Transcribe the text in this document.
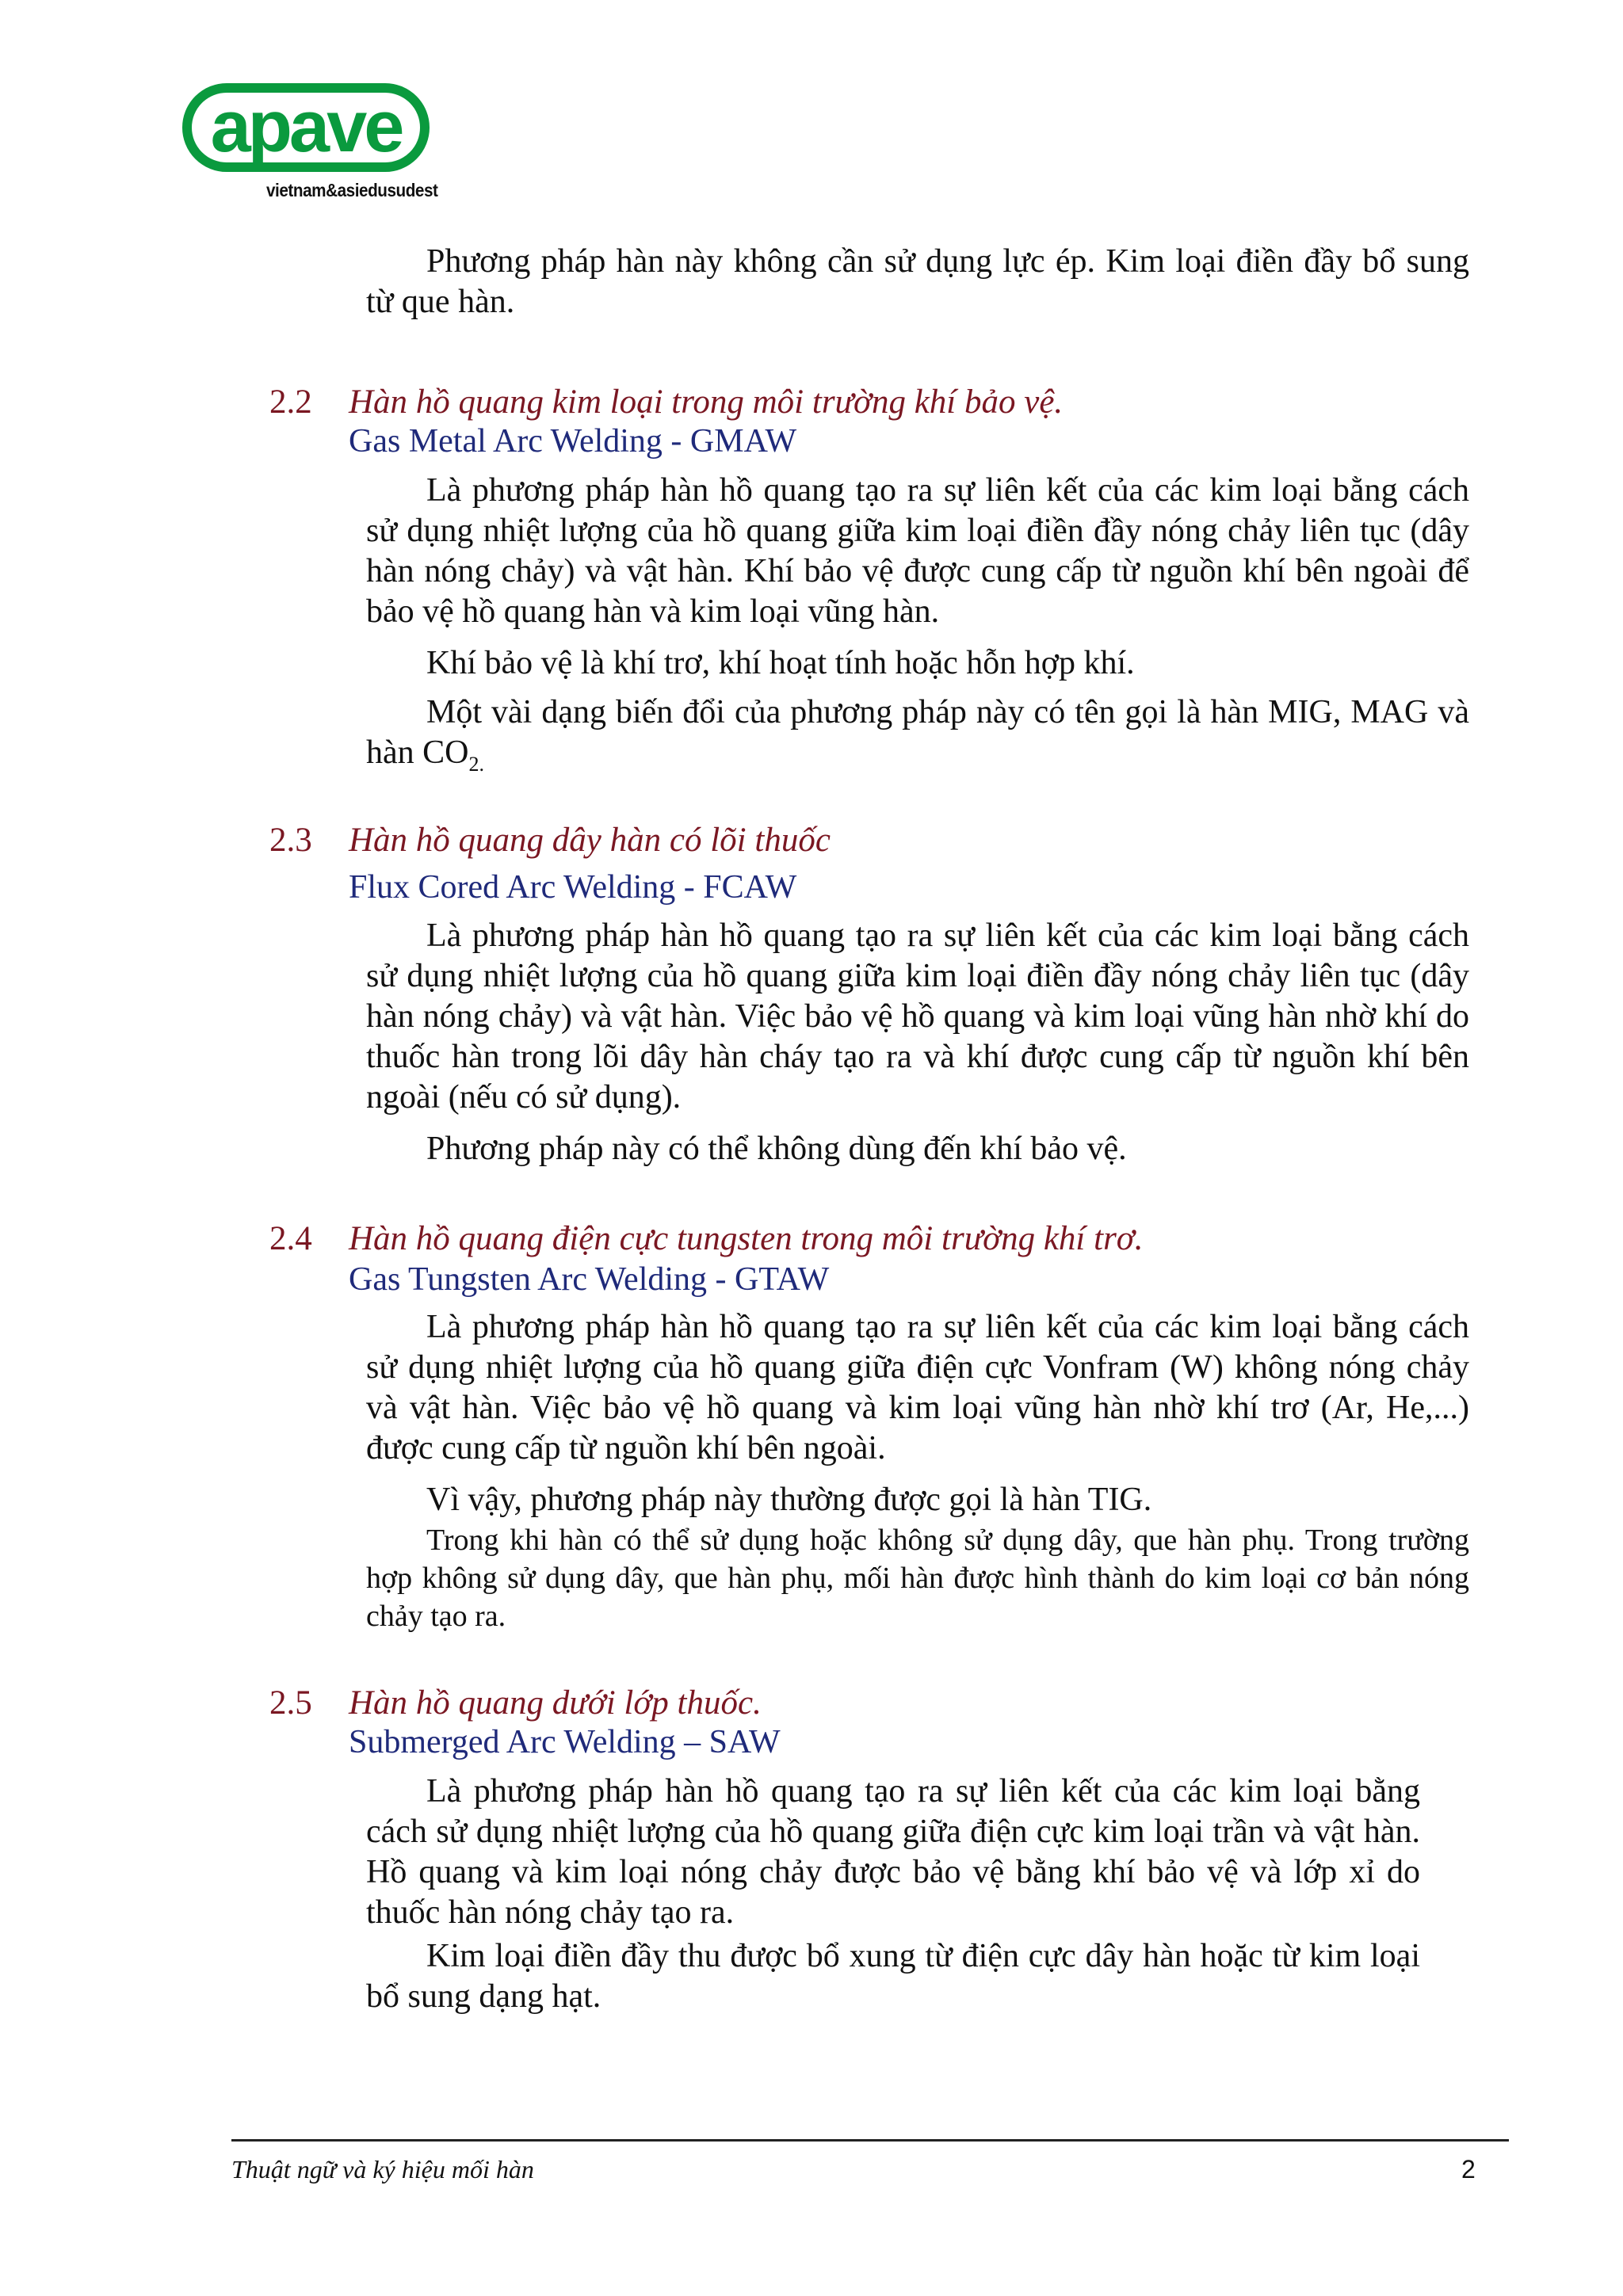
apave
vietnam&asiedusudest
Phương pháp hàn này không cần sử dụng lực ép. Kim loại điền đầy bổ sung từ que hàn.
2.2 Hàn hồ quang kim loại trong môi trường khí bảo vệ.
Gas Metal Arc Welding - GMAW
Là phương pháp hàn hồ quang tạo ra sự liên kết của các kim loại bằng cách sử dụng nhiệt lượng của hồ quang giữa kim loại điền đầy nóng chảy liên tục (dây hàn nóng chảy) và vật hàn. Khí bảo vệ được cung cấp từ nguồn khí bên ngoài để bảo vệ hồ quang hàn và kim loại vũng hàn.
Khí bảo vệ là khí trơ, khí hoạt tính hoặc hỗn hợp khí.
Một vài dạng biến đổi của phương pháp này có tên gọi là hàn MIG, MAG và hàn $CO_{2.}$
2.3 Hàn hồ quang dây hàn có lõi thuốc
Flux Cored Arc Welding - FCAW
Là phương pháp hàn hồ quang tạo ra sự liên kết của các kim loại bằng cách sử dụng nhiệt lượng của hồ quang giữa kim loại điền đầy nóng chảy liên tục (dây hàn nóng chảy) và vật hàn. Việc bảo vệ hồ quang và kim loại vũng hàn nhờ khí do thuốc hàn trong lõi dây hàn cháy tạo ra và khí được cung cấp từ nguồn khí bên ngoài (nếu có sử dụng).
Phương pháp này có thể không dùng đến khí bảo vệ.
2.4 Hàn hồ quang điện cực tungsten trong môi trường khí trơ.
Gas Tungsten Arc Welding - GTAW
Là phương pháp hàn hồ quang tạo ra sự liên kết của các kim loại bằng cách sử dụng nhiệt lượng của hồ quang giữa điện cực Vonfram (W) không nóng chảy và vật hàn. Việc bảo vệ hồ quang và kim loại vũng hàn nhờ khí trơ (Ar, He,...) được cung cấp từ nguồn khí bên ngoài.
Vì vậy, phương pháp này thường được gọi là hàn TIG.
Trong khi hàn có thể sử dụng hoặc không sử dụng dây, que hàn phụ. Trong trường hợp không sử dụng dây, que hàn phụ, mối hàn được hình thành do kim loại cơ bản nóng chảy tạo ra.
2.5 Hàn hồ quang dưới lớp thuốc.
Submerged Arc Welding – SAW
Là phương pháp hàn hồ quang tạo ra sự liên kết của các kim loại bằng cách sử dụng nhiệt lượng của hồ quang giữa điện cực kim loại trần và vật hàn. Hồ quang và kim loại nóng chảy được bảo vệ bằng khí bảo vệ và lớp xỉ do thuốc hàn nóng chảy tạo ra.
Kim loại điền đầy thu được bổ xung từ điện cực dây hàn hoặc từ kim loại bổ sung dạng hạt.
Thuật ngữ và ký hiệu mối hàn	2
